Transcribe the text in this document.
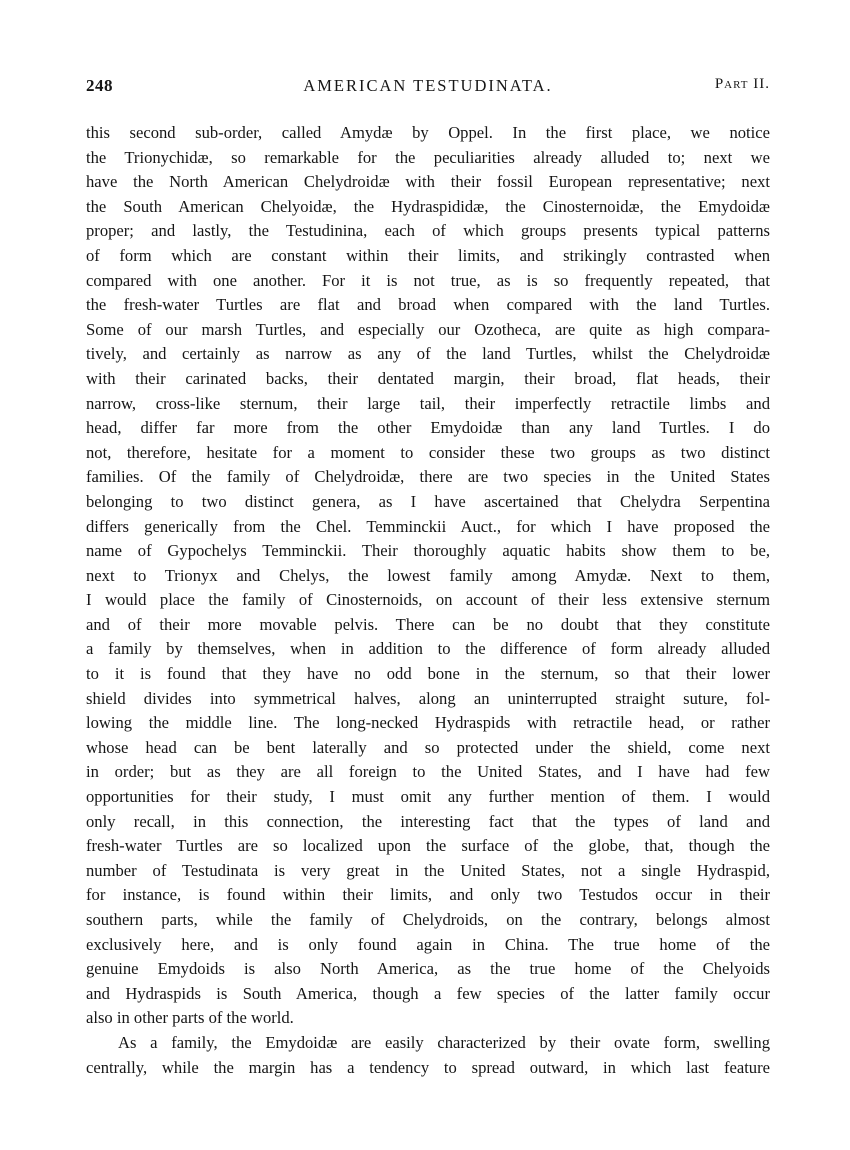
248	AMERICAN TESTUDINATA.	Part II.
this second sub-order, called Amydæ by Oppel. In the first place, we notice
the Trionychidæ, so remarkable for the peculiarities already alluded to; next we
have the North American Chelydroidæ with their fossil European representative; next
the South American Chelyoidæ, the Hydraspididæ, the Cinosternoidæ, the Emydoidæ
proper; and lastly, the Testudinina, each of which groups presents typical patterns
of form which are constant within their limits, and strikingly contrasted when
compared with one another. For it is not true, as is so frequently repeated, that
the fresh-water Turtles are flat and broad when compared with the land Turtles.
Some of our marsh Turtles, and especially our Ozotheca, are quite as high compara-
tively, and certainly as narrow as any of the land Turtles, whilst the Chelydroidæ
with their carinated backs, their dentated margin, their broad, flat heads, their
narrow, cross-like sternum, their large tail, their imperfectly retractile limbs and
head, differ far more from the other Emydoidæ than any land Turtles. I do
not, therefore, hesitate for a moment to consider these two groups as two distinct
families. Of the family of Chelydroidæ, there are two species in the United States
belonging to two distinct genera, as I have ascertained that Chelydra Serpentina
differs generically from the Chel. Temminckii Auct., for which I have proposed the
name of Gypochelys Temminckii. Their thoroughly aquatic habits show them to be,
next to Trionyx and Chelys, the lowest family among Amydæ. Next to them,
I would place the family of Cinosternoids, on account of their less extensive sternum
and of their more movable pelvis. There can be no doubt that they constitute
a family by themselves, when in addition to the difference of form already alluded
to it is found that they have no odd bone in the sternum, so that their lower
shield divides into symmetrical halves, along an uninterrupted straight suture, fol-
lowing the middle line. The long-necked Hydraspids with retractile head, or rather
whose head can be bent laterally and so protected under the shield, come next
in order; but as they are all foreign to the United States, and I have had few
opportunities for their study, I must omit any further mention of them. I would
only recall, in this connection, the interesting fact that the types of land and
fresh-water Turtles are so localized upon the surface of the globe, that, though the
number of Testudinata is very great in the United States, not a single Hydraspid,
for instance, is found within their limits, and only two Testudos occur in their
southern parts, while the family of Chelydroids, on the contrary, belongs almost
exclusively here, and is only found again in China. The true home of the
genuine Emydoids is also North America, as the true home of the Chelyoids
and Hydraspids is South America, though a few species of the latter family occur
also in other parts of the world.
As a family, the Emydoidæ are easily characterized by their ovate form, swelling
centrally, while the margin has a tendency to spread outward, in which last feature
